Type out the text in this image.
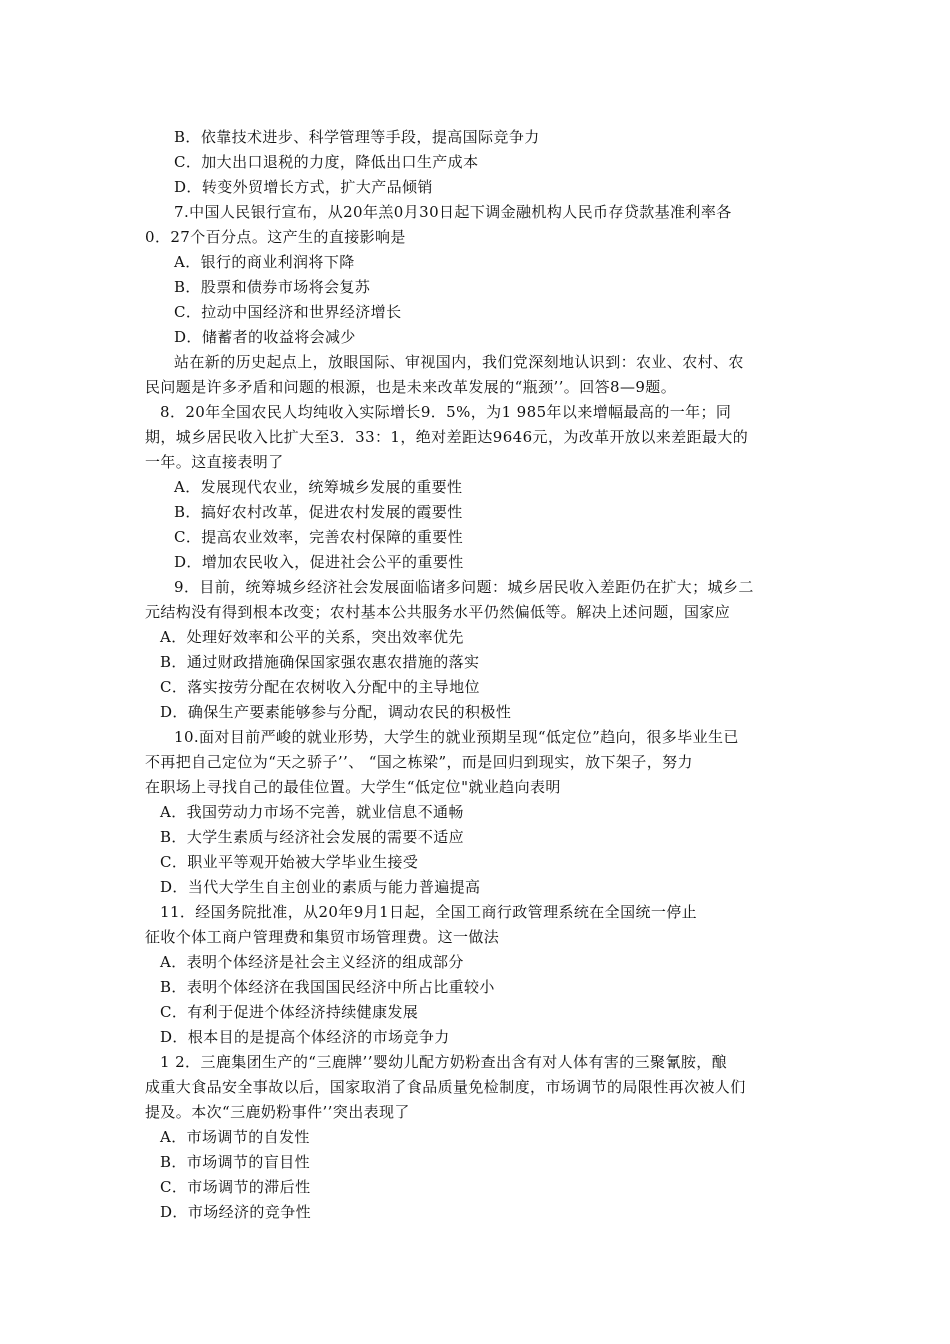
B．依靠技术进步、科学管理等手段，提高国际竞争力
C．加大出口退税的力度，降低出口生产成本
D．转变外贸增长方式，扩大产品倾销
7.中国人民银行宣布，从20年羔0月30日起下调金融机构人民币存贷款基准利率各
0．27个百分点。这产生的直接影响是
A．银行的商业利润将下降
B．股票和债券市场将会复苏
C．拉动中国经济和世界经济增长
D．储蓄者的收益将会减少
站在新的历史起点上，放眼国际、审视国内，我们党深刻地认识到：农业、农村、农
民问题是许多矛盾和问题的根源，也是未来改革发展的“瓶颈’’。回答8—9题。
8．20年全国农民人均纯收入实际增长9．5%，为1 985年以来增幅最高的一年；同
期，城乡居民收入比扩大至3．33：1，绝对差距达9646元，为改革开放以来差距最大的
一年。这直接表明了
A．发展现代农业，统筹城乡发展的重要性
B．搞好农村改革，促进农村发展的霞要性
C．提高农业效率，完善农村保障的重要性
D．增加农民收入，促进社会公平的重要性
9．目前，统筹城乡经济社会发展面临诸多问题：城乡居民收入差距仍在扩大；城乡二
元结构没有得到根本改变；农村基本公共服务水平仍然偏低等。解决上述问题，国家应
A．处理好效率和公平的关系，突出效率优先
B．通过财政措施确保国家强农惠农措施的落实
C．落实按劳分配在农树收入分配中的主导地位
D．确保生产要素能够参与分配，调动农民的积极性
10.面对目前严峻的就业形势，大学生的就业预期呈现“低定位”趋向，很多毕业生已
不再把自己定位为“天之骄子’’、 “国之栋梁”，而是回归到现实，放下架子，努力
在职场上寻找自己的最佳位置。大学生“低定位"就业趋向表明
A．我国劳动力市场不完善，就业信息不通畅
B．大学生素质与经济社会发展的需要不适应
C．职业平等观开始被大学毕业生接受
D．当代大学生自主创业的素质与能力普遍提高
11．经国务院批准，从20年9月1日起，全国工商行政管理系统在全国统一停止
征收个体工商户管理费和集贸市场管理费。这一做法
A．表明个体经济是社会主义经济的组成部分
B．表明个体经济在我国国民经济中所占比重较小
C．有利于促进个体经济持续健康发展
D．根本目的是提高个体经济的市场竞争力
1 2．三鹿集团生产的“三鹿牌’’婴幼儿配方奶粉查出含有对人体有害的三聚氰胺，酿
成重大食品安全事故以后，国家取消了食品质量免检制度，市场调节的局限性再次被人们
提及。本次“三鹿奶粉事件’’突出表现了
A．市场调节的自发性
B．市场调节的盲目性
C．市场调节的滞后性
D．市场经济的竞争性
